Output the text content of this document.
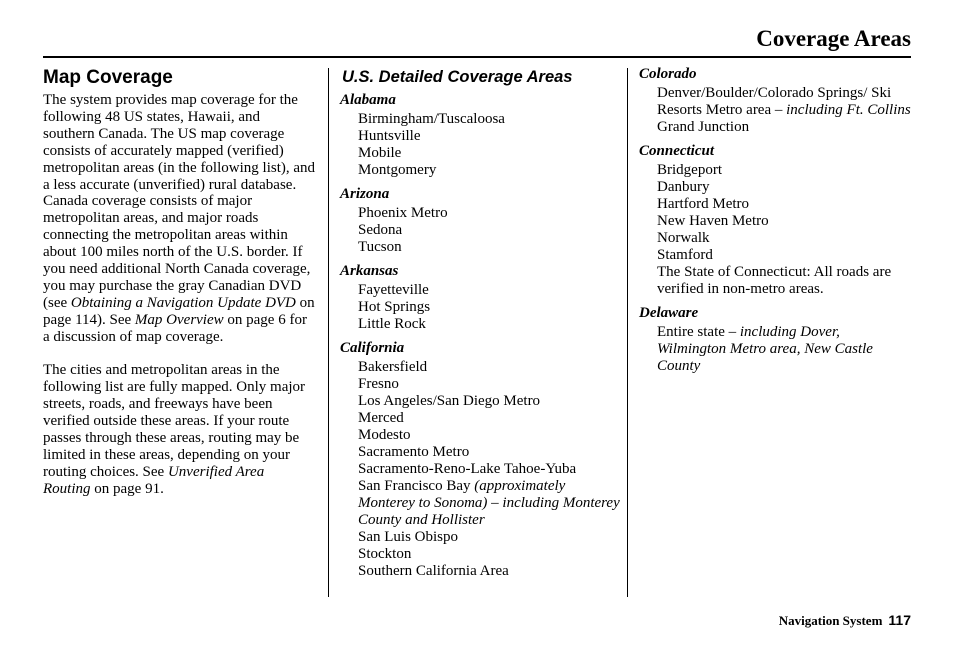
Coverage Areas
Map Coverage

The system provides map coverage for the following 48 US states, Hawaii, and southern Canada. The US map coverage consists of accurately mapped (verified) metropolitan areas (in the following list), and a less accurate (unverified) rural database. Canada coverage consists of major metropolitan areas, and major roads connecting the metropolitan areas within about 100 miles north of the U.S. border. If you need additional North Canada coverage, you may purchase the gray Canadian DVD (see Obtaining a Navigation Update DVD on page 114). See Map Overview on page 6 for a discussion of map coverage.

The cities and metropolitan areas in the following list are fully mapped. Only major streets, roads, and freeways have been verified outside these areas. If your route passes through these areas, routing may be limited in these areas, depending on your routing choices. See Unverified Area Routing on page 91.

U.S. Detailed Coverage Areas
Alabama
Birmingham/Tuscaloosa
Huntsville
Mobile
Montgomery
Arizona
Phoenix Metro
Sedona
Tucson
Arkansas
Fayetteville
Hot Springs
Little Rock
California
Bakersfield
Fresno
Los Angeles/San Diego Metro
Merced
Modesto
Sacramento Metro
Sacramento-Reno-Lake Tahoe-Yuba
San Francisco Bay (approximately Monterey to Sonoma) – including Monterey County and Hollister
San Luis Obispo
Stockton
Southern California Area
Colorado
Denver/Boulder/Colorado Springs/ Ski Resorts Metro area – including Ft. Collins
Grand Junction
Connecticut
Bridgeport
Danbury
Hartford Metro
New Haven Metro
Norwalk
Stamford
The State of Connecticut: All roads are verified in non-metro areas.
Delaware
Entire state – including Dover, Wilmington Metro area, New Castle County
Navigation System 117
